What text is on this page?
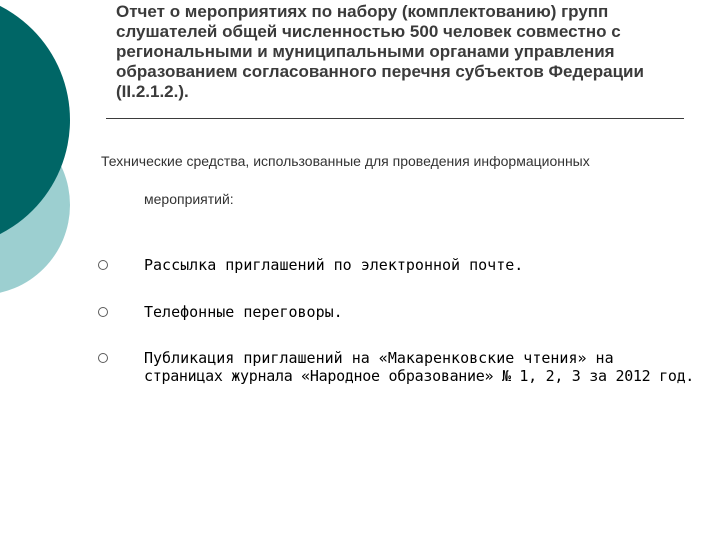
Отчет о мероприятиях по набору (комплектованию) групп
слушателей общей численностью 500 человек совместно с
региональными и муниципальными органами управления
образованием согласованного перечня субъектов Федерации
(II.2.1.2.).
Технические средства, использованные для проведения информационных
мероприятий:
Рассылка приглашений по электронной почте.
Телефонные переговоры.
Публикация приглашений на «Макаренковские чтения» на
страницах журнала «Народное образование» № 1, 2, 3 за 2012 год.
